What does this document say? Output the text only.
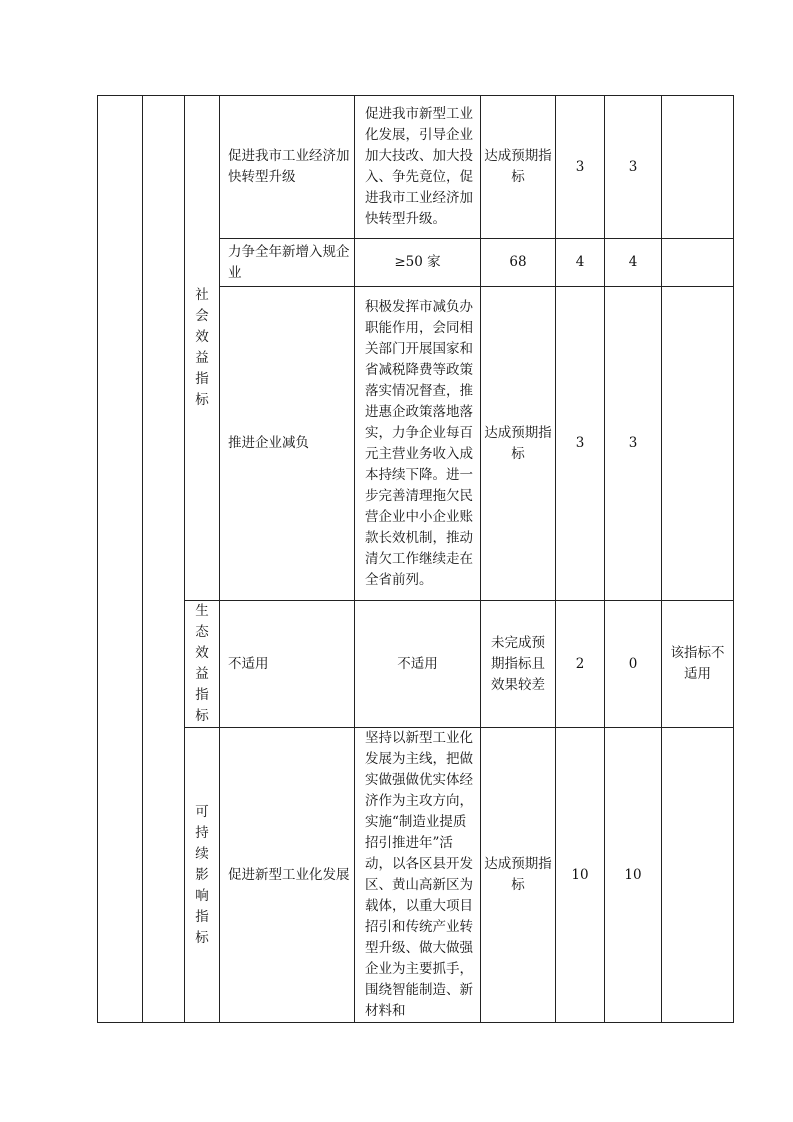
		社会效益指标	促进我市工业经济加快转型升级	促进我市新型工业化发展，引导企业加大技改、加大投入、争先竟位，促进我市工业经济加快转型升级。	达成预期指标	3	3	
			力争全年新增入规企业	≥50 家	68	4	4	
			推进企业减负	积极发挥市减负办职能作用，会同相关部门开展国家和省减税降费等政策落实情况督查，推进惠企政策落地落实，力争企业每百元主营业务收入成本持续下降。进一步完善清理拖欠民营企业中小企业账款长效机制，推动清欠工作继续走在全省前列。	达成预期指标	3	3	

		生态效益指标	不适用	不适用	未完成预期指标且效果较差	2	0	该指标不适用

		可持续影响指标	促进新型工业化发展	坚持以新型工业化发展为主线，把做实做强做优实体经济作为主攻方向，实施“制造业提质招引推进年”活动，以各区县开发区、黄山高新区为载体，以重大项目招引和传统产业转型升级、做大做强企业为主要抓手，围绕智能制造、新材料和	达成预期指标	10	10	
